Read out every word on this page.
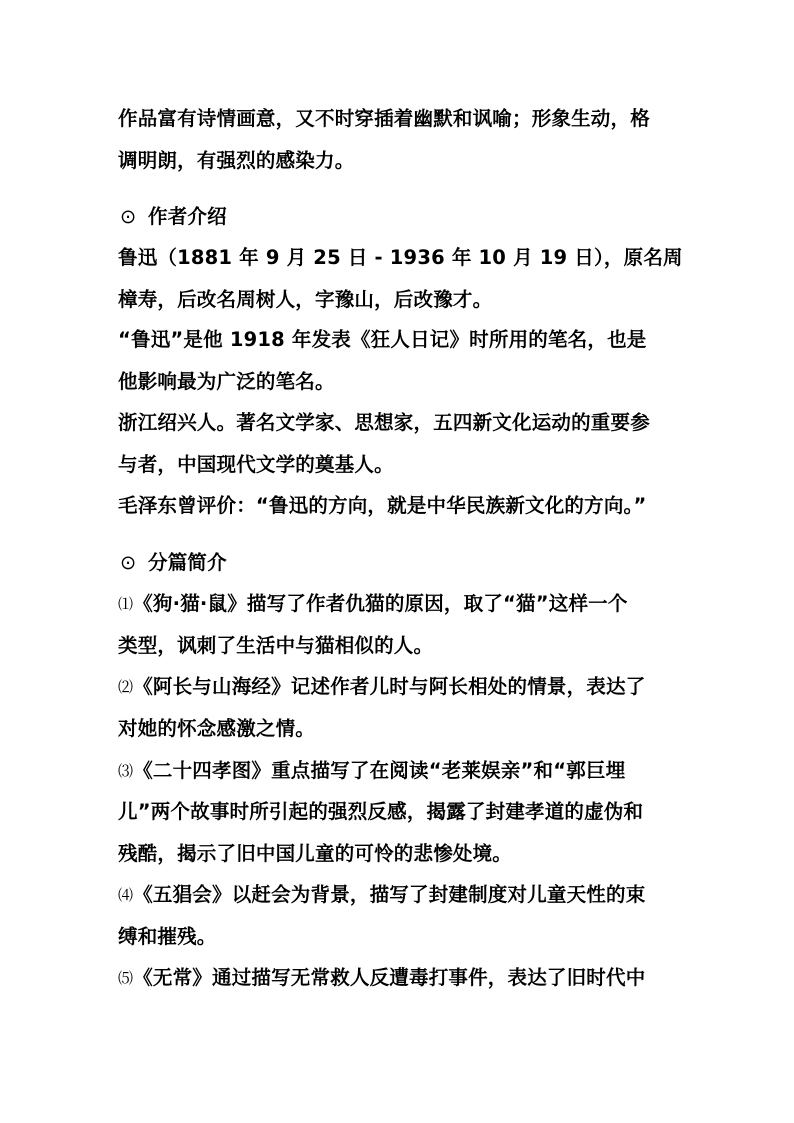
作品富有诗情画意，又不时穿插着幽默和讽喻；形象生动，格
调明朗，有强烈的感染力。
⊙ 作者介绍
鲁迅（1881 年 9 月 25 日 - 1936 年 10 月 19 日），原名周
樟寿，后改名周树人，字豫山，后改豫才。
“鲁迅”是他 1918 年发表《狂人日记》时所用的笔名，也是
他影响最为广泛的笔名。
浙江绍兴人。著名文学家、思想家，五四新文化运动的重要参
与者，中国现代文学的奠基人。
毛泽东曾评价：“鲁迅的方向，就是中华民族新文化的方向。”
⊙ 分篇简介
⑴《狗·猫·鼠》描写了作者仇猫的原因，取了“猫”这样一个
类型，讽刺了生活中与猫相似的人。
⑵《阿长与山海经》记述作者儿时与阿长相处的情景，表达了
对她的怀念感激之情。
⑶《二十四孝图》重点描写了在阅读“老莱娱亲”和“郭巨埋
儿”两个故事时所引起的强烈反感，揭露了封建孝道的虚伪和
残酷，揭示了旧中国儿童的可怜的悲惨处境。
⑷《五猖会》以赶会为背景，描写了封建制度对儿童天性的束
缚和摧残。
⑸《无常》通过描写无常救人反遭毒打事件，表达了旧时代中
